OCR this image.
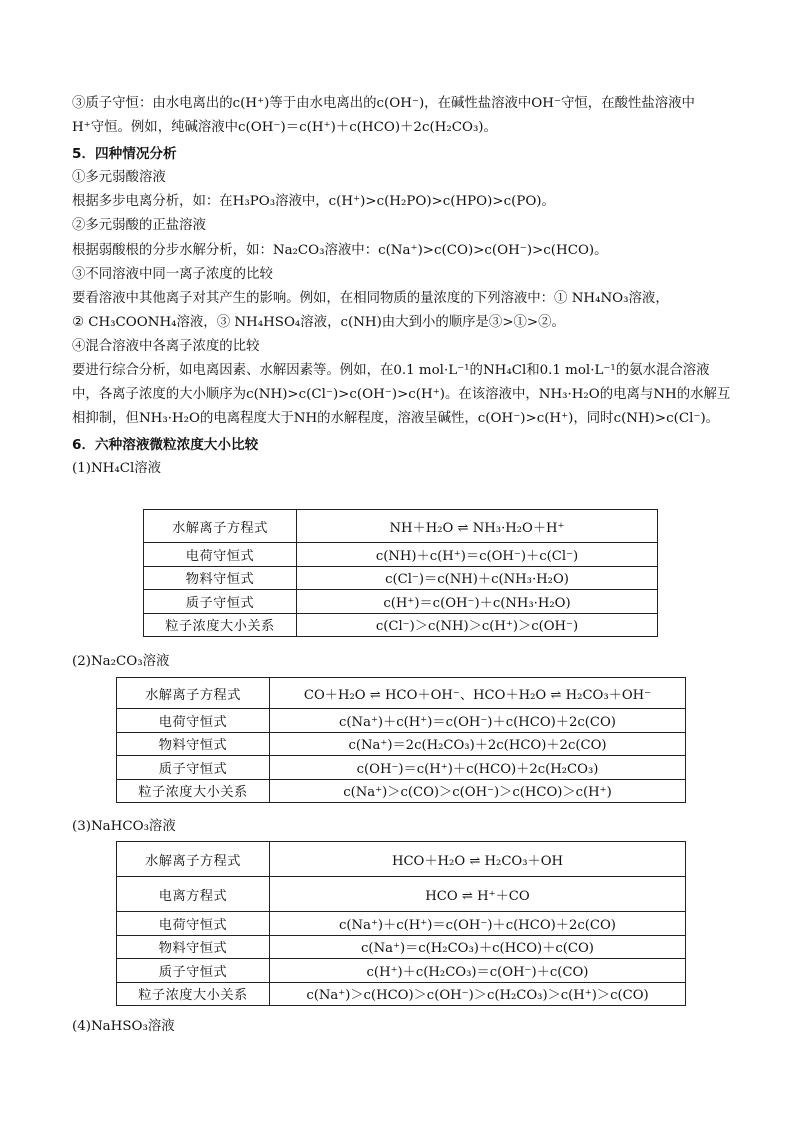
③质子守恒：由水电离出的c(H⁺)等于由水电离出的c(OH⁻)，在碱性盐溶液中OH⁻守恒，在酸性盐溶液中
H⁺守恒。例如，纯碱溶液中c(OH⁻)＝c(H⁺)＋c(HCO)＋2c(H₂CO₃)。
5．四种情况分析
①多元弱酸溶液
根据多步电离分析，如：在H₃PO₃溶液中，c(H⁺)>c(H₂PO)>c(HPO)>c(PO)。
②多元弱酸的正盐溶液
根据弱酸根的分步水解分析，如：Na₂CO₃溶液中：c(Na⁺)>c(CO)>c(OH⁻)>c(HCO)。
③不同溶液中同一离子浓度的比较
要看溶液中其他离子对其产生的影响。例如，在相同物质的量浓度的下列溶液中：① NH₄NO₃溶液，
② CH₃COONH₄溶液，③ NH₄HSO₄溶液，c(NH)由大到小的顺序是③>①>②。
④混合溶液中各离子浓度的比较
要进行综合分析，如电离因素、水解因素等。例如，在0.1 mol·L⁻¹的NH₄Cl和0.1 mol·L⁻¹的氨水混合溶液
中，各离子浓度的大小顺序为c(NH)>c(Cl⁻)>c(OH⁻)>c(H⁺)。在该溶液中，NH₃·H₂O的电离与NH的水解互
相抑制，但NH₃·H₂O的电离程度大于NH的水解程度，溶液呈碱性，c(OH⁻)>c(H⁺)，同时c(NH)>c(Cl⁻)。
6．六种溶液微粒浓度大小比较
(1)NH₄Cl溶液
水解离子方程式	NH＋H₂O ⇌ NH₃·H₂O＋H⁺
电荷守恒式	c(NH)＋c(H⁺)＝c(OH⁻)＋c(Cl⁻)
物料守恒式	c(Cl⁻)＝c(NH)＋c(NH₃·H₂O)
质子守恒式	c(H⁺)＝c(OH⁻)＋c(NH₃·H₂O)
粒子浓度大小关系	c(Cl⁻)＞c(NH)＞c(H⁺)＞c(OH⁻)
(2)Na₂CO₃溶液
水解离子方程式	CO＋H₂O ⇌ HCO＋OH⁻、HCO＋H₂O ⇌ H₂CO₃＋OH⁻
电荷守恒式	c(Na⁺)＋c(H⁺)＝c(OH⁻)＋c(HCO)＋2c(CO)
物料守恒式	c(Na⁺)＝2c(H₂CO₃)＋2c(HCO)＋2c(CO)
质子守恒式	c(OH⁻)＝c(H⁺)＋c(HCO)＋2c(H₂CO₃)
粒子浓度大小关系	c(Na⁺)＞c(CO)＞c(OH⁻)＞c(HCO)＞c(H⁺)
(3)NaHCO₃溶液
水解离子方程式	HCO＋H₂O ⇌ H₂CO₃＋OH
电离方程式	HCO ⇌ H⁺＋CO
电荷守恒式	c(Na⁺)＋c(H⁺)＝c(OH⁻)＋c(HCO)＋2c(CO)
物料守恒式	c(Na⁺)＝c(H₂CO₃)＋c(HCO)＋c(CO)
质子守恒式	c(H⁺)＋c(H₂CO₃)＝c(OH⁻)＋c(CO)
粒子浓度大小关系	c(Na⁺)＞c(HCO)＞c(OH⁻)＞c(H₂CO₃)＞c(H⁺)＞c(CO)
(4)NaHSO₃溶液
